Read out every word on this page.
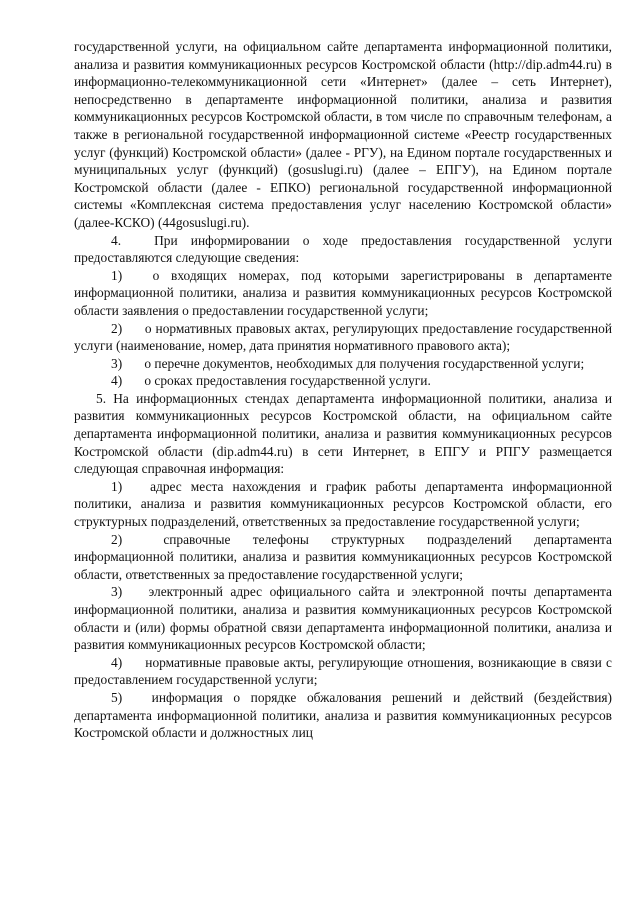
государственной услуги, на официальном сайте департамента информационной политики, анализа и развития коммуникационных ресурсов Костромской области (http://dip.adm44.ru) в информационно-телекоммуникационной сети «Интернет» (далее – сеть Интернет), непосредственно в департаменте информационной политики, анализа и развития коммуникационных ресурсов Костромской области, в том числе по справочным телефонам, а также в региональной государственной информационной системе «Реестр государственных услуг (функций) Костромской области» (далее - РГУ), на Едином портале государственных и муниципальных услуг (функций) (gosuslugi.ru) (далее – ЕПГУ), на Едином портале Костромской области (далее - ЕПКО) региональной государственной информационной системы «Комплексная система предоставления услуг населению Костромской области» (далее-КСКО) (44gosuslugi.ru).

4. При информировании о ходе предоставления государственной услуги предоставляются следующие сведения:

1) о входящих номерах, под которыми зарегистрированы в департаменте информационной политики, анализа и развития коммуникационных ресурсов Костромской области заявления о предоставлении государственной услуги;

2) о нормативных правовых актах, регулирующих предоставление государственной услуги (наименование, номер, дата принятия нормативного правового акта);

3) о перечне документов, необходимых для получения государственной услуги;

4) о сроках предоставления государственной услуги.

5. На информационных стендах департамента информационной политики, анализа и развития коммуникационных ресурсов Костромской области, на официальном сайте департамента информационной политики, анализа и развития коммуникационных ресурсов Костромской области (dip.adm44.ru) в сети Интернет, в ЕПГУ и РПГУ размещается следующая справочная информация:

1) адрес места нахождения и график работы департамента информационной политики, анализа и развития коммуникационных ресурсов Костромской области, его структурных подразделений, ответственных за предоставление государственной услуги;

2)	справочные телефоны структурных подразделений департамента информационной политики, анализа и развития коммуникационных ресурсов Костромской области, ответственных за предоставление государственной услуги;

3) электронный адрес официального сайта и электронной почты департамента информационной политики, анализа и развития коммуникационных ресурсов Костромской области и (или) формы обратной связи департамента информационной политики, анализа и развития коммуникационных ресурсов Костромской области;

4) нормативные правовые акты, регулирующие отношения, возникающие в связи с предоставлением государственной услуги;

5) информация о порядке обжалования решений и действий (бездействия) департамента информационной политики, анализа и развития коммуникационных ресурсов Костромской области и должностных лиц
